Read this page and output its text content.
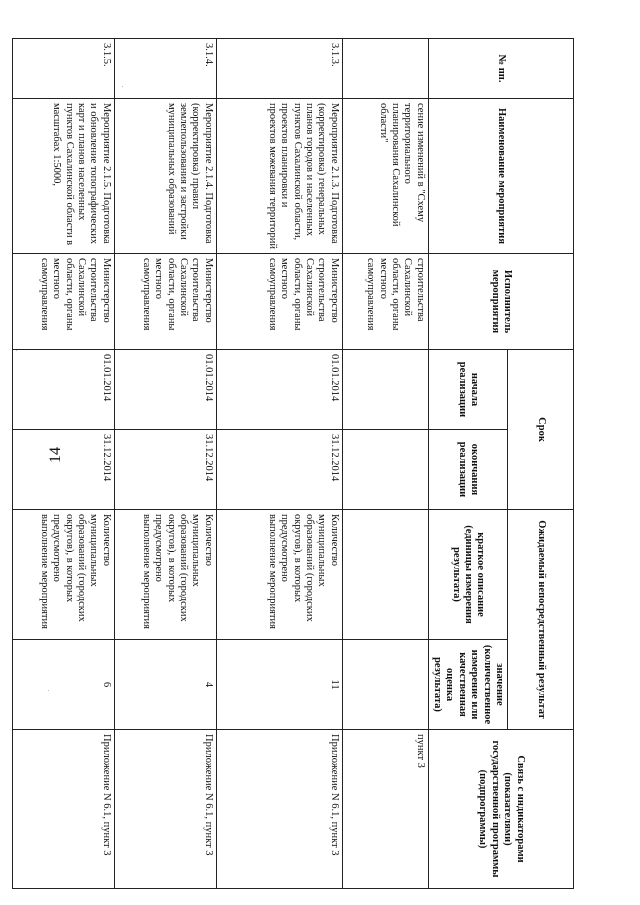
14
№ пп.	Наименование мероприятия	Исполнитель мероприятия	Срок		Ожидаемый непосредственный результат		Связь с индикаторами (показателями) государственной программы (подпрограммы)
			начала реализации	окончания реализации	краткое описание (единицы измерения результата)	значение (количественное измерение или качественная оценка результата)	
	сение изменений в "Схему территориального планирования Сахалинской области"	строительства Сахалинской области, органы местного самоуправления					пункт 3
3.1.3.	Мероприятие 2.1.3. Подготовка (корректировка) генеральных планов городов и населенных пунктов Сахалинской области, проектов планировки и проектов межевания территорий	Министерство строительства Сахалинской области, органы местного самоуправления	01.01.2014	31.12.2014	Количество муниципальных образований (городских округов), в которых предусмотрено выполнение мероприятия	11	Приложение N 6.1, пункт 3
3.1.4.	Мероприятие 2.1.4. Подготовка (корректировка) правил землепользования и застройки муниципальных образований	Министерство строительства Сахалинской области, органы местного самоуправления	01.01.2014	31.12.2014	Количество муниципальных образований (городских округов), в которых предусмотрено выполнение мероприятия	4	Приложение N 6.1, пункт 3
3.1.5.	Мероприятие 2.1.5. Подготовка и обновление топографических карт и планов населенных пунктов Сахалинской области в масштабах 1:5000,	Министерство строительства Сахалинской области, органы местного самоуправления	01.01.2014	31.12.2014	Количество муниципальных образований (городских округов), в которых предусмотрено выполнение мероприятия	6	Приложение N 6.1, пункт 3
